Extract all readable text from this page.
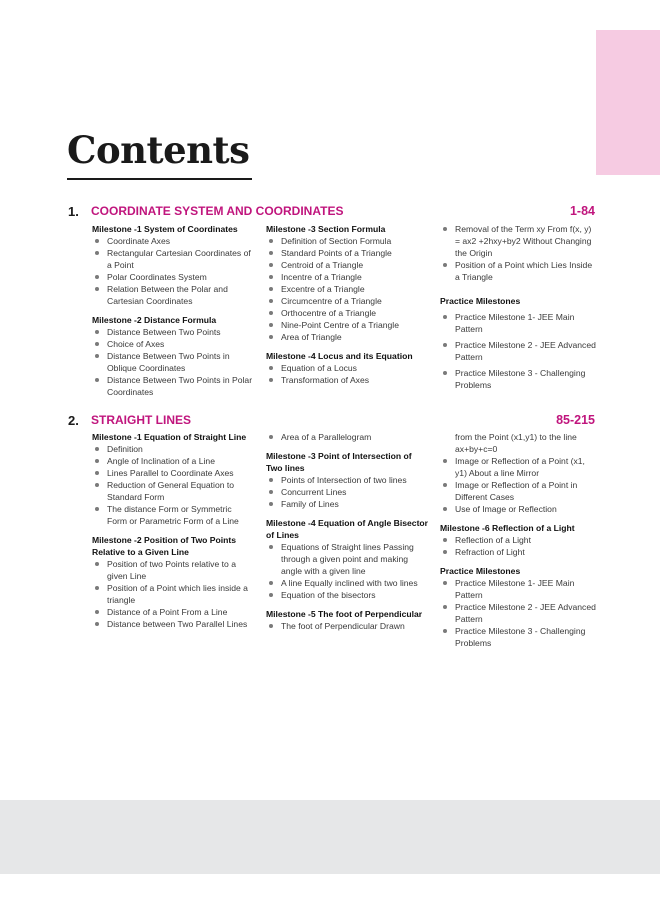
Contents
1. COORDINATE SYSTEM AND COORDINATES	1-84
Milestone -1 System of Coordinates
Coordinate Axes
Rectangular Cartesian Coordinates of a Point
Polar Coordinates System
Relation Between the Polar and Cartesian Coordinates
Milestone -2 Distance Formula
Distance Between Two Points
Choice of Axes
Distance Between Two Points in Oblique Coordinates
Distance Between Two Points in Polar Coordinates
Milestone -3 Section Formula
Definition of Section Formula
Standard Points of a Triangle
Centroid of a Triangle
Incentre of a Triangle
Excentre of a Triangle
Circumcentre of a Triangle
Orthocentre of a Triangle
Nine-Point Centre of a Triangle
Area of Triangle
Milestone -4 Locus and its Equation
Equation of a Locus
Transformation of Axes
Removal of the Term xy From f(x, y) = ax2 +2hxy+by2 Without Changing the Origin
Position of a Point which Lies Inside a Triangle
Practice Milestones
Practice Milestone 1- JEE Main Pattern
Practice Milestone 2 - JEE Advanced Pattern
Practice Milestone 3 - Challenging Problems
2. STRAIGHT LINES	85-215
Milestone -1 Equation of Straight Line
Definition
Angle of Inclination of a Line
Lines Parallel to Coordinate Axes
Reduction of General Equation to Standard Form
The distance Form or Symmetric Form or Parametric Form of a Line
Milestone -2 Position of Two Points Relative to a Given Line
Position of two Points relative to a given Line
Position of a Point which lies inside a triangle
Distance of a Point From a Line
Distance between Two Parallel Lines
Area of a Parallelogram
Milestone -3 Point of Intersection of Two lines
Points of Intersection of two lines
Concurrent Lines
Family of Lines
Milestone -4 Equation of Angle Bisector of Lines
Equations of Straight lines Passing through a given point and making angle with a given line
A line Equally inclined with two lines
Equation of the bisectors
Milestone -5 The foot of Perpendicular
The foot of Perpendicular Drawn
from the Point (x1,y1) to the line ax+by+c=0
Image or Reflection of a Point (x1, y1) About a line Mirror
Image or Reflection of a Point in Different Cases
Use of Image or Reflection
Milestone -6 Reflection of a Light
Reflection of a Light
Refraction of Light
Practice Milestones
Practice Milestone 1- JEE Main Pattern
Practice Milestone 2 - JEE Advanced Pattern
Practice Milestone 3 - Challenging Problems
